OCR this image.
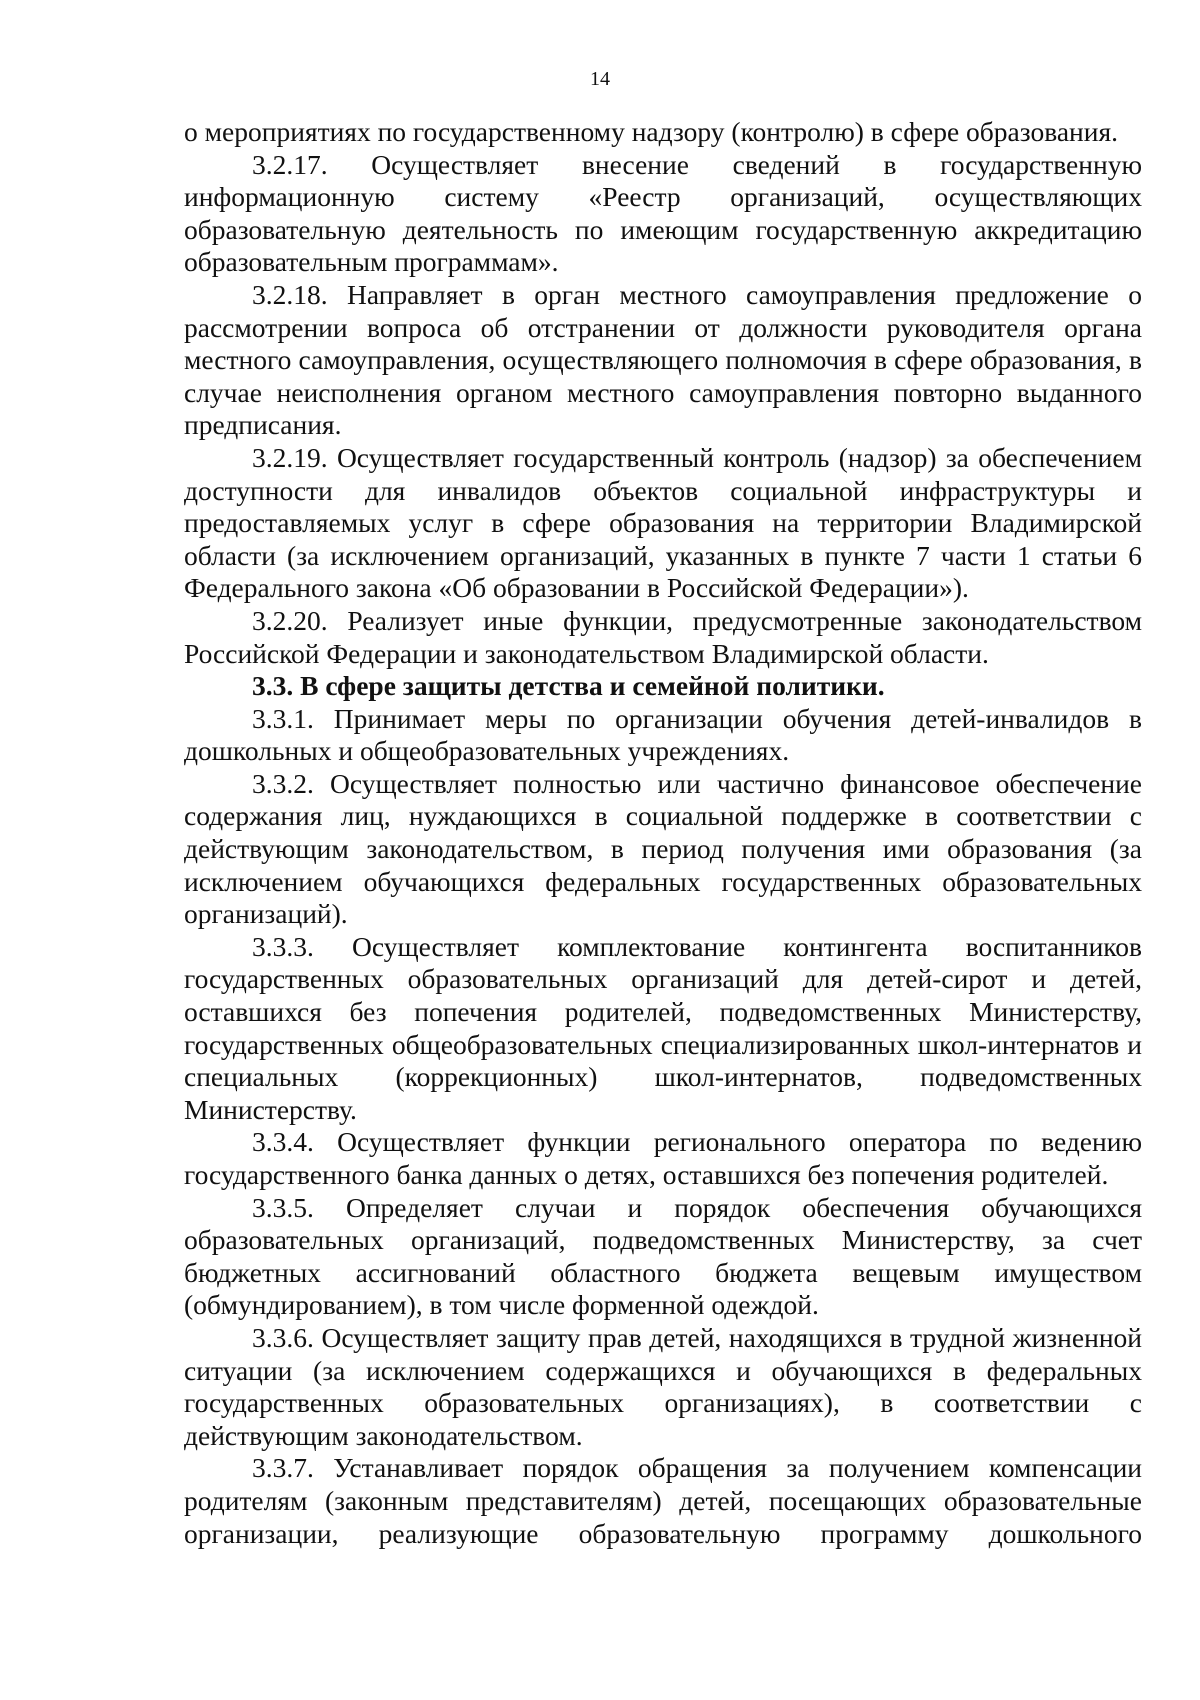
14

о мероприятиях по государственному надзору (контролю) в сфере образования.

3.2.17. Осуществляет внесение сведений в государственную информационную систему «Реестр организаций, осуществляющих образовательную деятельность по имеющим государственную аккредитацию образовательным программам».

3.2.18. Направляет в орган местного самоуправления предложение о рассмотрении вопроса об отстранении от должности руководителя органа местного самоуправления, осуществляющего полномочия в сфере образования, в случае неисполнения органом местного самоуправления повторно выданного предписания.

3.2.19. Осуществляет государственный контроль (надзор) за обеспечением доступности для инвалидов объектов социальной инфраструктуры и предоставляемых услуг в сфере образования на территории Владимирской области (за исключением организаций, указанных в пункте 7 части 1 статьи 6 Федерального закона «Об образовании в Российской Федерации»).

3.2.20. Реализует иные функции, предусмотренные законодательством Российской Федерации и законодательством Владимирской области.

3.3. В сфере защиты детства и семейной политики.

3.3.1. Принимает меры по организации обучения детей-инвалидов в дошкольных и общеобразовательных учреждениях.

3.3.2. Осуществляет полностью или частично финансовое обеспечение содержания лиц, нуждающихся в социальной поддержке в соответствии с действующим законодательством, в период получения ими образования (за исключением обучающихся федеральных государственных образовательных организаций).

3.3.3. Осуществляет комплектование контингента воспитанников государственных образовательных организаций для детей-сирот и детей, оставшихся без попечения родителей, подведомственных Министерству, государственных общеобразовательных специализированных школ-интернатов и специальных (коррекционных) школ-интернатов, подведомственных Министерству.

3.3.4. Осуществляет функции регионального оператора по ведению государственного банка данных о детях, оставшихся без попечения родителей.

3.3.5. Определяет случаи и порядок обеспечения обучающихся образовательных организаций, подведомственных Министерству, за счет бюджетных ассигнований областного бюджета вещевым имуществом (обмундированием), в том числе форменной одеждой.

3.3.6. Осуществляет защиту прав детей, находящихся в трудной жизненной ситуации (за исключением содержащихся и обучающихся в федеральных государственных образовательных организациях), в соответствии с действующим законодательством.

3.3.7. Устанавливает порядок обращения за получением компенсации родителям (законным представителям) детей, посещающих образовательные организации, реализующие образовательную программу дошкольного
